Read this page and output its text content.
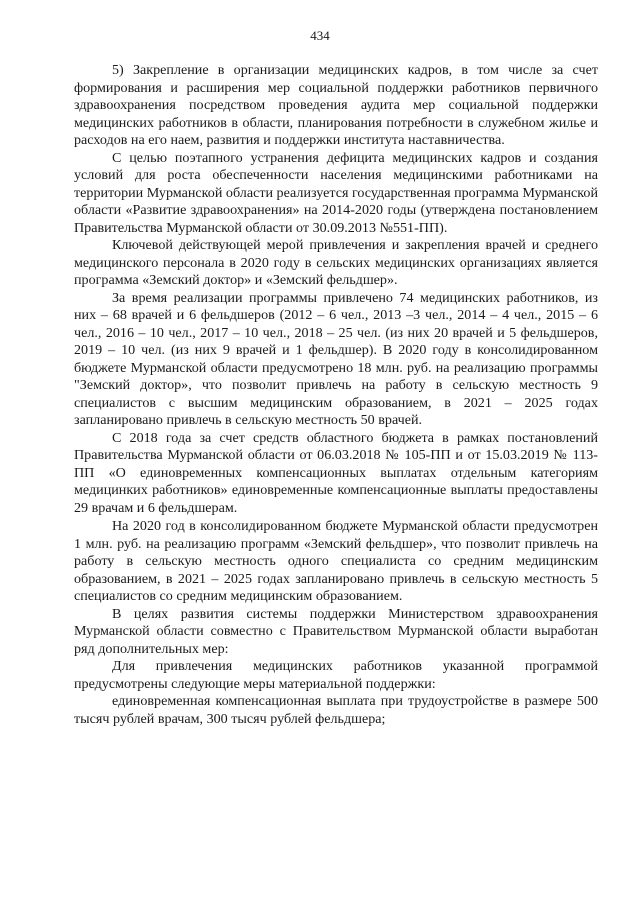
434

5) Закрепление в организации медицинских кадров, в том числе за счет формирования и расширения мер социальной поддержки работников первичного здравоохранения посредством проведения аудита мер социальной поддержки медицинских работников в области, планирования потребности в служебном жилье и расходов на его наем, развития и поддержки института наставничества.

С целью поэтапного устранения дефицита медицинских кадров и создания условий для роста обеспеченности населения медицинскими работниками на территории Мурманской области реализуется государственная программа Мурманской области «Развитие здравоохранения» на 2014-2020 годы (утверждена постановлением Правительства Мурманской области от 30.09.2013 №551-ПП).

Ключевой действующей мерой привлечения и закрепления врачей и среднего медицинского персонала в 2020 году в сельских медицинских организациях является программа «Земский доктор» и «Земский фельдшер».

За время реализации программы привлечено 74 медицинских работников, из них – 68 врачей и 6 фельдшеров (2012 – 6 чел., 2013 –3 чел., 2014 – 4 чел., 2015 – 6 чел., 2016 – 10 чел., 2017 – 10 чел., 2018 – 25 чел. (из них 20 врачей и 5 фельдшеров, 2019 – 10 чел. (из них 9 врачей и 1 фельдшер). В 2020 году в консолидированном бюджете Мурманской области предусмотрено 18 млн. руб. на реализацию программы "Земский доктор», что позволит привлечь на работу в сельскую местность 9 специалистов с высшим медицинским образованием, в 2021 – 2025 годах запланировано привлечь в сельскую местность 50 врачей.

С 2018 года за счет средств областного бюджета в рамках постановлений Правительства Мурманской области от 06.03.2018 № 105-ПП и от 15.03.2019 № 113-ПП «О единовременных компенсационных выплатах отдельным категориям медицинких работников» единовременные компенсационные выплаты предоставлены 29 врачам и 6 фельдшерам.

На 2020 год в консолидированном бюджете Мурманской области предусмотрен 1 млн. руб. на реализацию программ «Земский фельдшер», что позволит привлечь на работу в сельскую местность одного специалиста со средним медицинским образованием, в 2021 – 2025 годах запланировано привлечь в сельскую местность 5 специалистов со средним медицинским образованием.

В целях развития системы поддержки Министерством здравоохранения Мурманской области совместно с Правительством Мурманской области выработан ряд дополнительных мер:

Для привлечения медицинских работников указанной программой предусмотрены следующие меры материальной поддержки:

единовременная компенсационная выплата при трудоустройстве в размере 500 тысяч рублей врачам, 300 тысяч рублей фельдшера;
